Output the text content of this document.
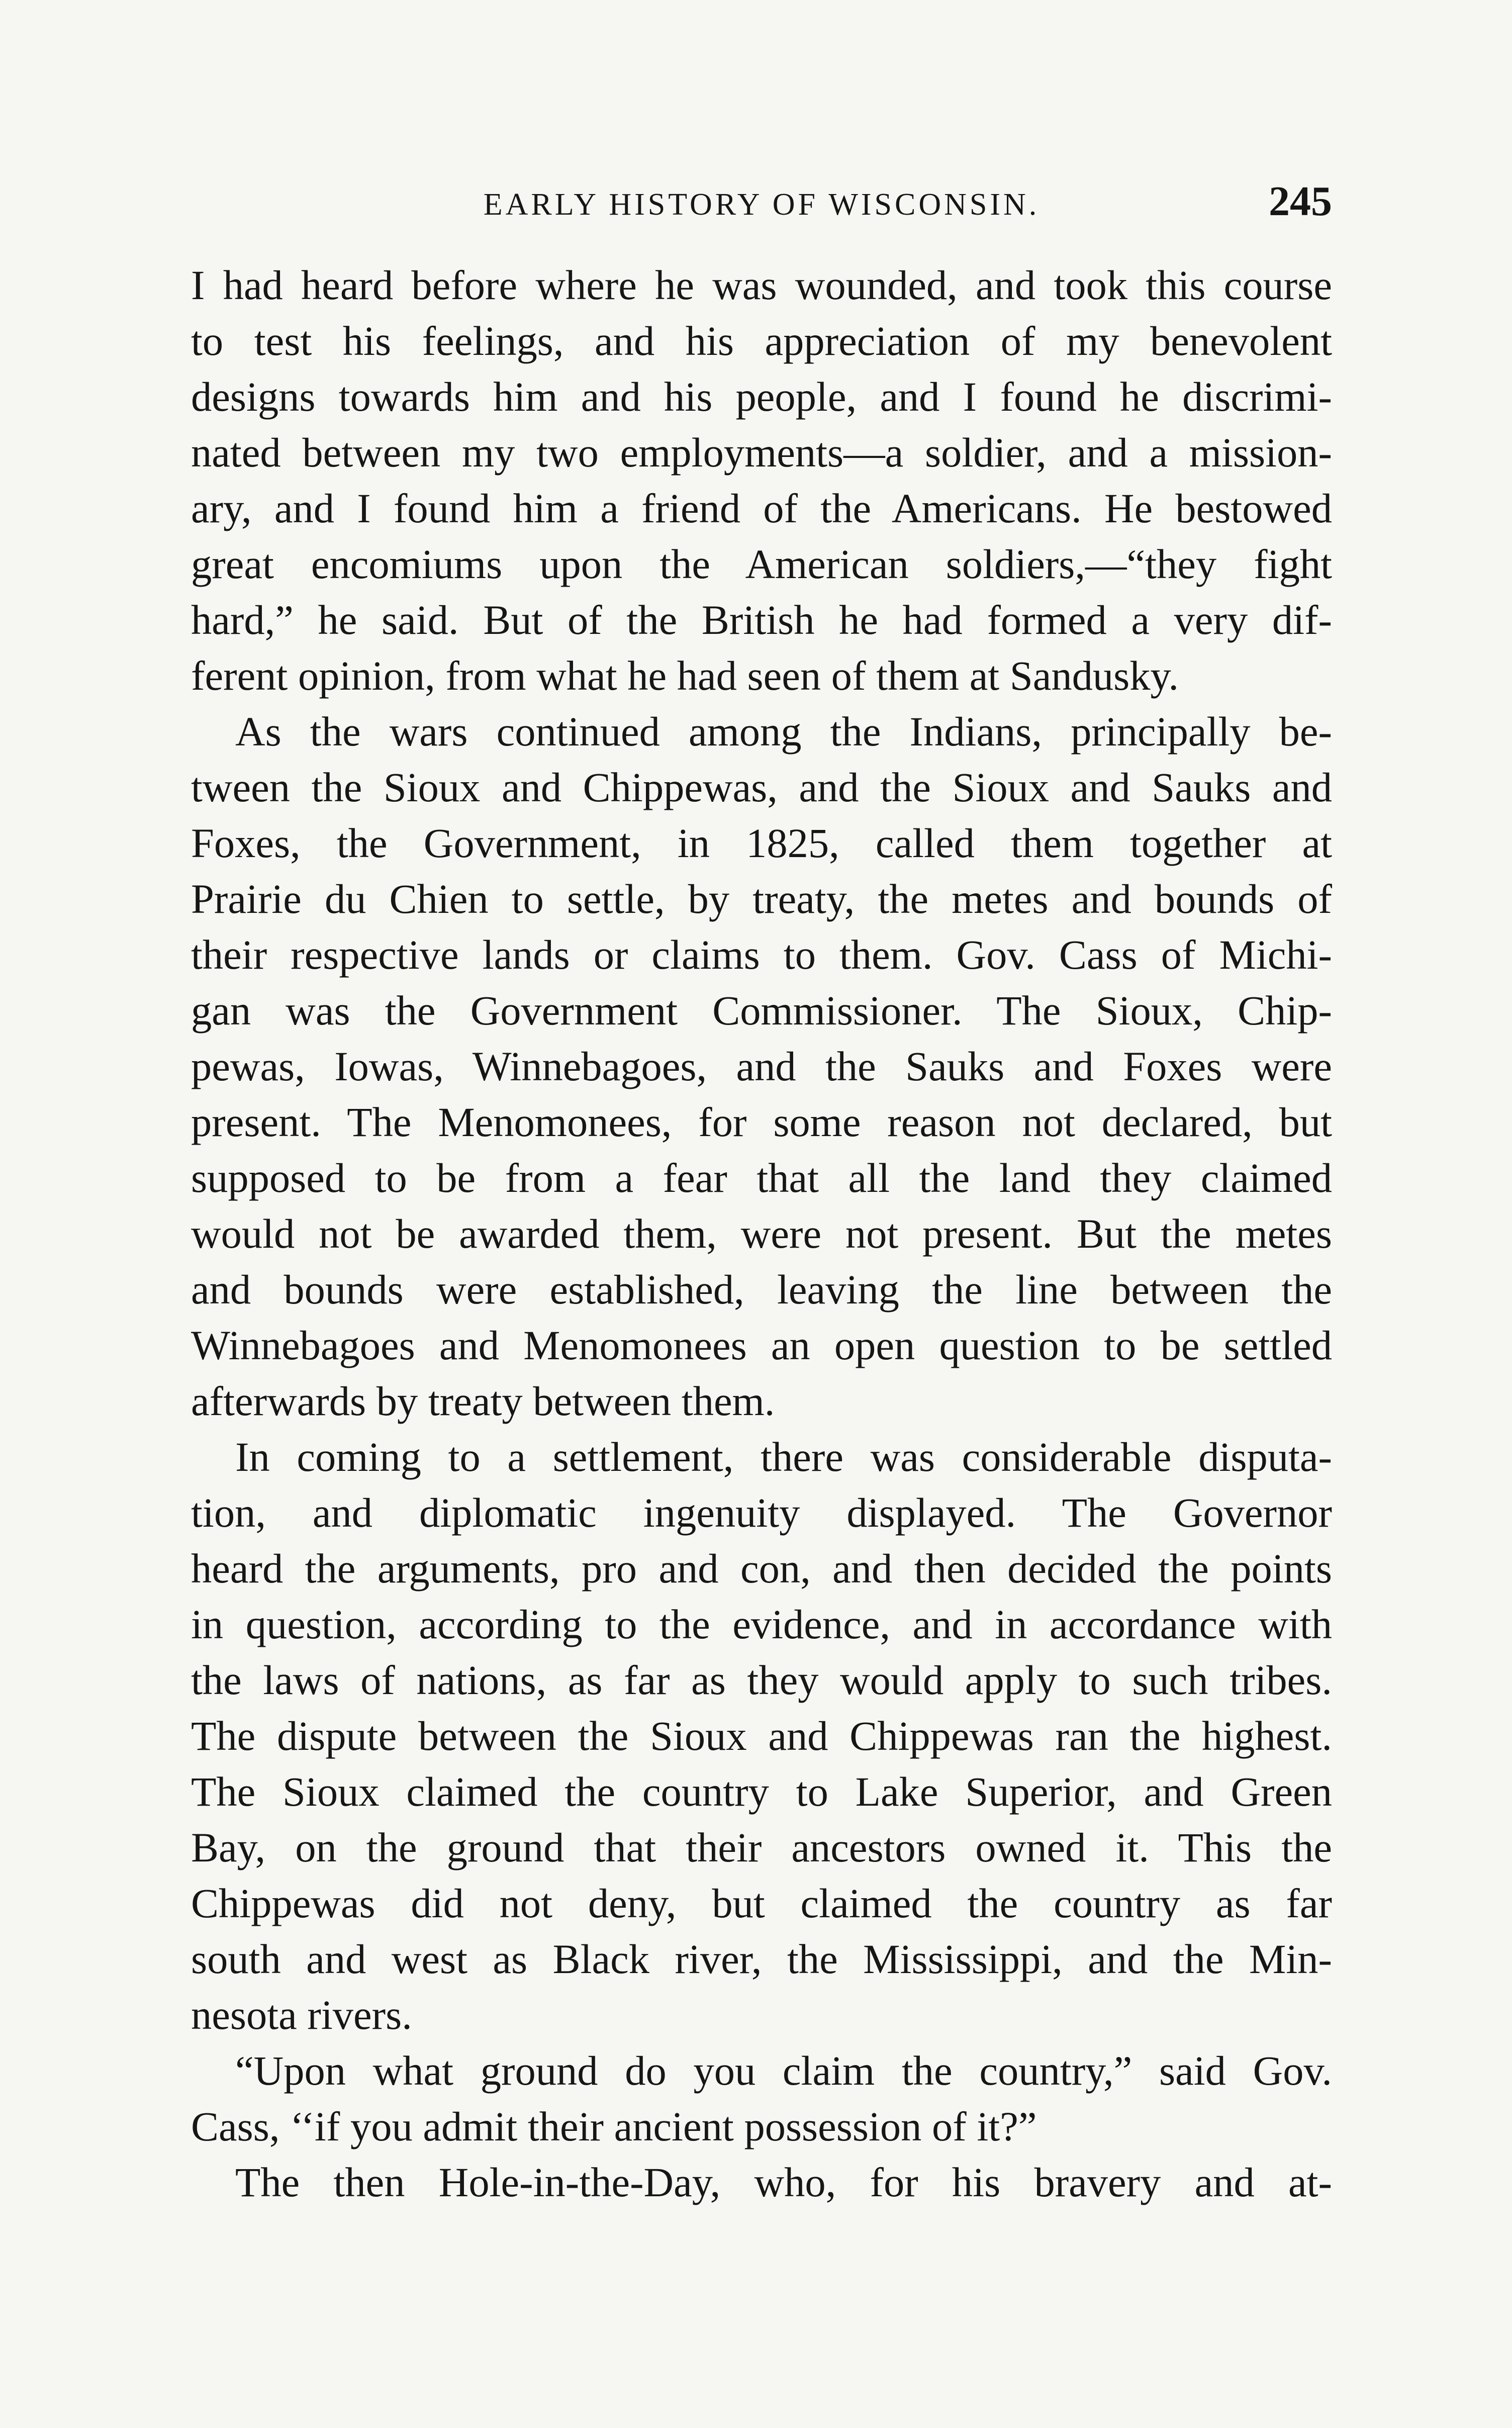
EARLY HISTORY OF WISCONSIN.	245
I had heard before where he was wounded, and took this course
to test his feelings, and his appreciation of my benevolent
designs towards him and his people, and I found he discrimi-
nated between my two employments—a soldier, and a mission-
ary, and I found him a friend of the Americans. He bestowed
great encomiums upon the American soldiers,—“they fight
hard,” he said. But of the British he had formed a very dif-
ferent opinion, from what he had seen of them at Sandusky.
As the wars continued among the Indians, principally be-
tween the Sioux and Chippewas, and the Sioux and Sauks and
Foxes, the Government, in 1825, called them together at
Prairie du Chien to settle, by treaty, the metes and bounds of
their respective lands or claims to them. Gov. Cass of Michi-
gan was the Government Commissioner. The Sioux, Chip-
pewas, Iowas, Winnebagoes, and the Sauks and Foxes were
present. The Menomonees, for some reason not declared, but
supposed to be from a fear that all the land they claimed
would not be awarded them, were not present. But the metes
and bounds were established, leaving the line between the
Winnebagoes and Menomonees an open question to be settled
afterwards by treaty between them.
In coming to a settlement, there was considerable disputa-
tion, and diplomatic ingenuity displayed. The Governor
heard the arguments, pro and con, and then decided the points
in question, according to the evidence, and in accordance with
the laws of nations, as far as they would apply to such tribes.
The dispute between the Sioux and Chippewas ran the highest.
The Sioux claimed the country to Lake Superior, and Green
Bay, on the ground that their ancestors owned it. This the
Chippewas did not deny, but claimed the country as far
south and west as Black river, the Mississippi, and the Min-
nesota rivers.
“Upon what ground do you claim the country,” said Gov.
Cass, ‘‘if you admit their ancient possession of it?”
The then Hole-in-the-Day, who, for his bravery and at-
